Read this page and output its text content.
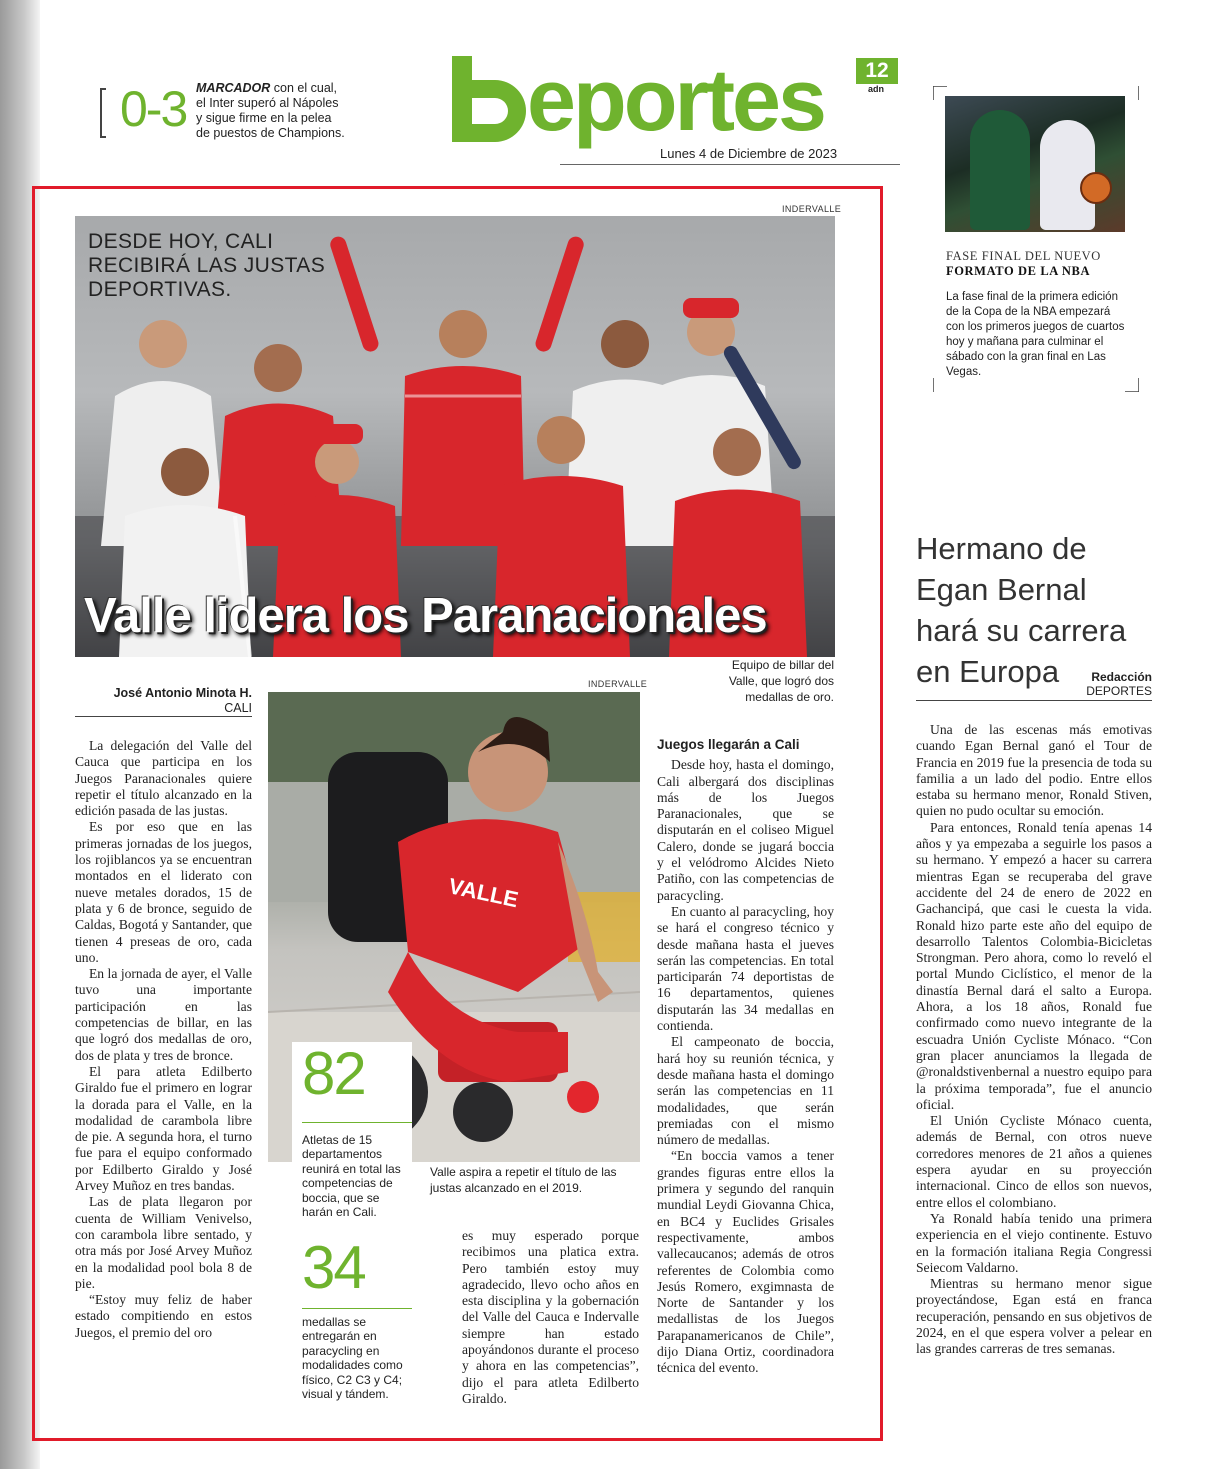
0-3 MARCADOR con el cual, el Inter superó al Nápoles y sigue firme en la pelea de puestos de Champions. eportes	12
adn
Lunes 4 de Diciembre de 2023
FASE FINAL DEL NUEVO
FORMATO DE LA NBA
La fase final de la primera edición de la Copa de la NBA empezará con los primeros juegos de cuartos hoy y mañana para culminar el sábado con la gran final en Las Vegas.
Hermano de Egan Bernal hará su carrera en Europa	Redacción
DEPORTES

Una de las escenas más emotivas cuando Egan Bernal ganó el Tour de Francia en 2019 fue la presencia de toda su familia a un lado del podio. Entre ellos estaba su hermano menor, Ronald Stiven, quien no pudo ocultar su emoción.

Para entonces, Ronald tenía apenas 14 años y ya empezaba a seguirle los pasos a su hermano. Y empezó a hacer su carrera mientras Egan se recuperaba del grave accidente del 24 de enero de 2022 en Gachancipá, que casi le cuesta la vida. Ronald hizo parte este año del equipo de desarrollo Talentos Colombia-Bicicletas Strongman. Pero ahora, como lo reveló el portal Mundo Ciclístico, el menor de la dinastía Bernal dará el salto a Europa. Ahora, a los 18 años, Ronald fue confirmado como nuevo integrante de la escuadra Unión Cycliste Mónaco. “Con gran placer anunciamos la llegada de @ronaldstivenbernal a nuestro equipo para la próxima temporada”, fue el anuncio oficial.

El Unión Cycliste Mónaco cuenta, además de Bernal, con otros nueve corredores menores de 21 años a quienes espera ayudar en su proyección internacional. Cinco de ellos son nuevos, entre ellos el colombiano.

Ya Ronald había tenido una primera experiencia en el viejo continente. Estuvo en la formación italiana Regia Congressi Seiecom Valdarno.

Mientras su hermano menor sigue proyectándose, Egan está en franca recuperación, pensando en sus objetivos de 2024, en el que espera volver a pelear en las grandes carreras de tres semanas.

INDERVALLE
DESDE HOY, CALI RECIBIRÁ LAS JUSTAS DEPORTIVAS.
Valle lidera los Paranacionales
Equipo de billar del Valle, que logró dos medallas de oro.
José Antonio Minota H.
CALI

La delegación del Valle del Cauca que participa en los Juegos Paranacionales quiere repetir el título alcanzado en la edición pasada de las justas.

Es por eso que en las primeras jornadas de los juegos, los rojiblancos ya se encuentran montados en el liderato con nueve metales dorados, 15 de plata y 6 de bronce, seguido de Caldas, Bogotá y Santander, que tienen 4 preseas de oro, cada uno.

En la jornada de ayer, el Valle tuvo una importante participación en las competencias de billar, en las que logró dos medallas de oro, dos de plata y tres de bronce.

El para atleta Edilberto Giraldo fue el primero en lograr la dorada para el Valle, en la modalidad de carambola libre de pie. A segunda hora, el turno fue para el equipo conformado por Edilberto Giraldo y José Arvey Muñoz en tres bandas.

Las de plata llegaron por cuenta de William Venivelso, con carambola libre sentado, y otra más por José Arvey Muñoz en la modalidad pool bola 8 de pie.

“Estoy muy feliz de haber estado compitiendo en estos Juegos, el premio del oro

INDERVALLE
VALLE
Valle aspira a repetir el título de las justas alcanzado en el 2019.
82
Atletas de 15 departamentos reunirá en total las competencias de boccia, que se harán en Cali.
34
medallas se entregarán en paracycling en modalidades como físico, C2 C3 y C4; visual y tándem.

es muy esperado porque recibimos una platica extra. Pero también estoy muy agradecido, llevo ocho años en esta disciplina y la gobernación del Valle del Cauca e Indervalle siempre han estado apoyándonos durante el proceso y ahora en las competencias”, dijo el para atleta Edilberto Giraldo.

Juegos llegarán a Cali

Desde hoy, hasta el domingo, Cali albergará dos disciplinas más de los Juegos Paranacionales, que se disputarán en el coliseo Miguel Calero, donde se jugará boccia y el velódromo Alcides Nieto Patiño, con las competencias de paracycling.

En cuanto al paracycling, hoy se hará el congreso técnico y desde mañana hasta el jueves serán las competencias. En total participarán 74 deportistas de 16 departamentos, quienes disputarán las 34 medallas en contienda.

El campeonato de boccia, hará hoy su reunión técnica, y desde mañana hasta el domingo serán las competencias en 11 modalidades, que serán premiadas con el mismo número de medallas.

“En boccia vamos a tener grandes figuras entre ellos la primera y segundo del ranquin mundial Leydi Giovanna Chica, en BC4 y Euclides Grisales respectivamente, ambos vallecaucanos; además de otros referentes de Colombia como Jesús Romero, exgimnasta de Norte de Santander y los medallistas de los Juegos Parapanamericanos de Chile”, dijo Diana Ortiz, coordinadora técnica del evento.
